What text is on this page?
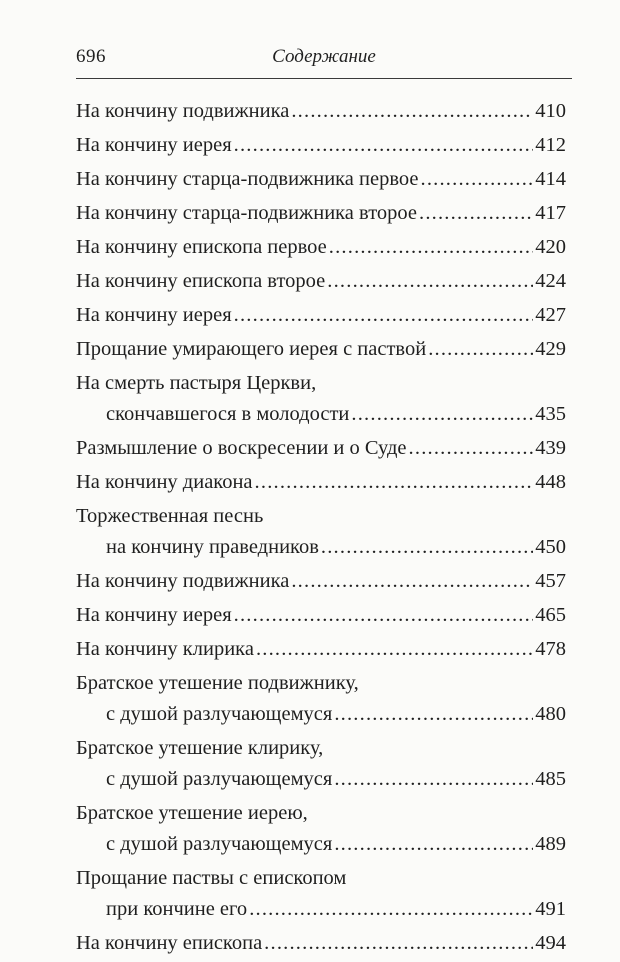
696	Содержание
На кончину подвижника .....	410
На кончину иерея .....	412
На кончину старца-подвижника первое .....	414
На кончину старца-подвижника второе .....	417
На кончину епископа первое .....	420
На кончину епископа второе .....	424
На кончину иерея .....	427
Прощание умирающего иерея с паствой .....	429
На смерть пастыря Церкви,
скончавшегося в молодости .....	435
Размышление о воскресении и о Суде .....	439
На кончину диакона .....	448
Торжественная песнь
на кончину праведников .....	450
На кончину подвижника .....	457
На кончину иерея .....	465
На кончину клирика .....	478
Братское утешение подвижнику,
с душой разлучающемуся .....	480
Братское утешение клирику,
с душой разлучающемуся .....	485
Братское утешение иерею,
с душой разлучающемуся .....	489
Прощание паствы с епископом
при кончине его .....	491
На кончину епископа .....	494
